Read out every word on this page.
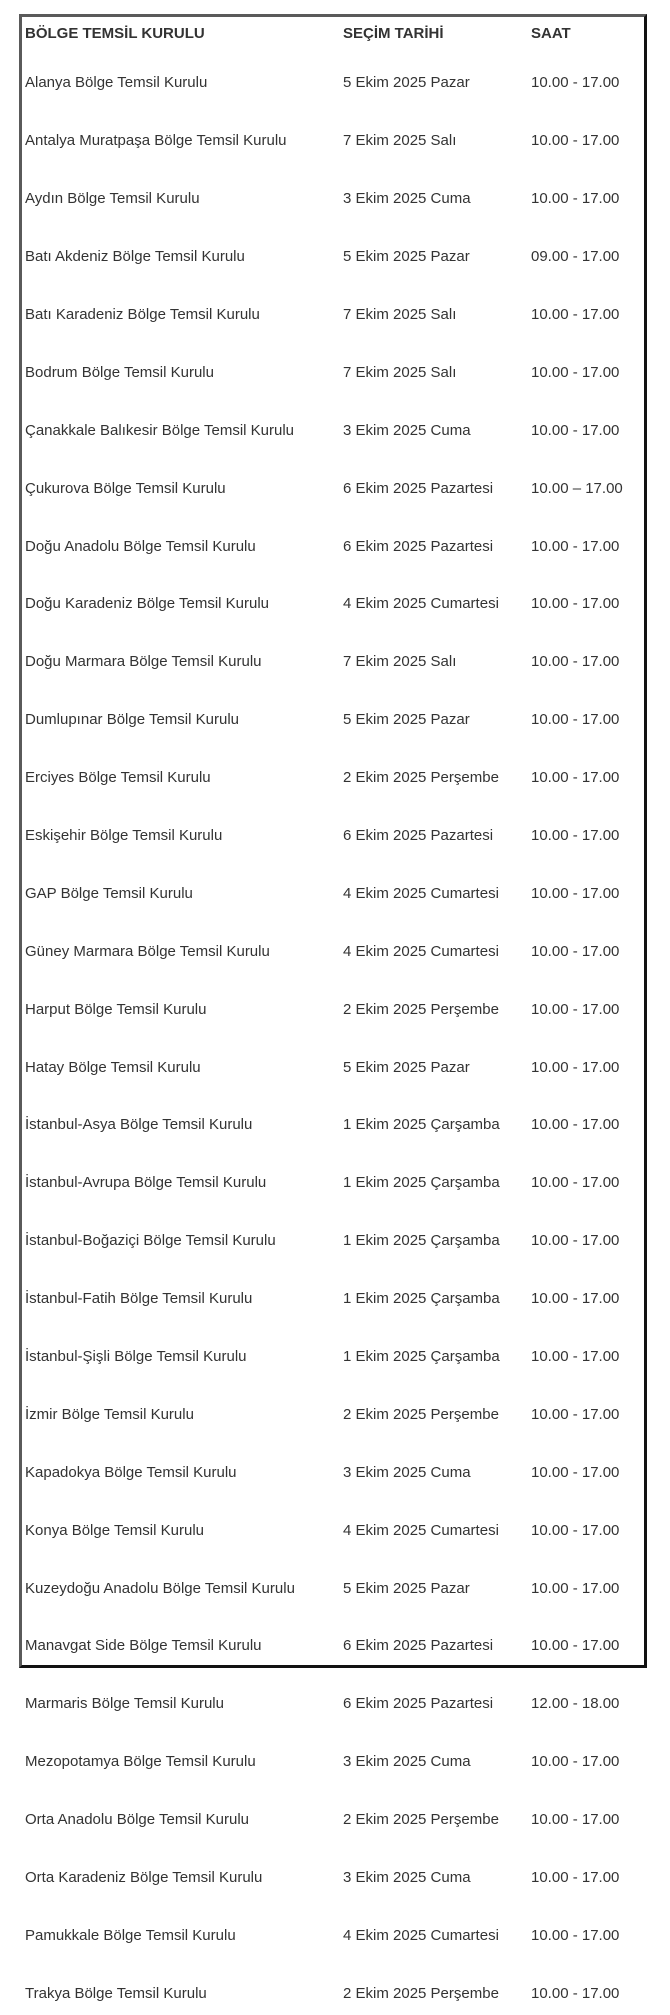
BÖLGE TEMSİL KURULU	SEÇİM TARİHİ	SAAT
Alanya Bölge Temsil Kurulu	5 Ekim 2025 Pazar	10.00 - 17.00
Antalya Muratpaşa Bölge Temsil Kurulu	7 Ekim 2025 Salı	10.00 - 17.00
Aydın Bölge Temsil Kurulu	3 Ekim 2025 Cuma	10.00 - 17.00
Batı Akdeniz Bölge Temsil Kurulu	5 Ekim 2025 Pazar	09.00 - 17.00
Batı Karadeniz Bölge Temsil Kurulu	7 Ekim 2025 Salı	10.00 - 17.00
Bodrum Bölge Temsil Kurulu	7 Ekim 2025 Salı	10.00 - 17.00
Çanakkale Balıkesir Bölge Temsil Kurulu	3 Ekim 2025 Cuma	10.00 - 17.00
Çukurova Bölge Temsil Kurulu	6 Ekim 2025 Pazartesi	10.00 – 17.00
Doğu Anadolu Bölge Temsil Kurulu	6 Ekim 2025 Pazartesi	10.00 - 17.00
Doğu Karadeniz Bölge Temsil Kurulu	4 Ekim 2025 Cumartesi	10.00 - 17.00
Doğu Marmara Bölge Temsil Kurulu	7 Ekim 2025 Salı	10.00 - 17.00
Dumlupınar Bölge Temsil Kurulu	5 Ekim 2025 Pazar	10.00 - 17.00
Erciyes Bölge Temsil Kurulu	2 Ekim 2025 Perşembe	10.00 - 17.00
Eskişehir Bölge Temsil Kurulu	6 Ekim 2025 Pazartesi	10.00 - 17.00
GAP Bölge Temsil Kurulu	4 Ekim 2025 Cumartesi	10.00 - 17.00
Güney Marmara Bölge Temsil Kurulu	4 Ekim 2025 Cumartesi	10.00 - 17.00
Harput Bölge Temsil Kurulu	2 Ekim 2025 Perşembe	10.00 - 17.00
Hatay Bölge Temsil Kurulu	5 Ekim 2025 Pazar	10.00 - 17.00
İstanbul-Asya Bölge Temsil Kurulu	1 Ekim 2025 Çarşamba	10.00 - 17.00
İstanbul-Avrupa Bölge Temsil Kurulu	1 Ekim 2025 Çarşamba	10.00 - 17.00
İstanbul-Boğaziçi Bölge Temsil Kurulu	1 Ekim 2025 Çarşamba	10.00 - 17.00
İstanbul-Fatih Bölge Temsil Kurulu	1 Ekim 2025 Çarşamba	10.00 - 17.00
İstanbul-Şişli Bölge Temsil Kurulu	1 Ekim 2025 Çarşamba	10.00 - 17.00
İzmir Bölge Temsil Kurulu	2 Ekim 2025 Perşembe	10.00 - 17.00
Kapadokya Bölge Temsil Kurulu	3 Ekim 2025 Cuma	10.00 - 17.00
Konya Bölge Temsil Kurulu	4 Ekim 2025 Cumartesi	10.00 - 17.00
Kuzeydoğu Anadolu Bölge Temsil Kurulu	5 Ekim 2025 Pazar	10.00 - 17.00
Manavgat Side Bölge Temsil Kurulu	6 Ekim 2025 Pazartesi	10.00 - 17.00
Marmaris Bölge Temsil Kurulu	6 Ekim 2025 Pazartesi	12.00 - 18.00
Mezopotamya Bölge Temsil Kurulu	3 Ekim 2025 Cuma	10.00 - 17.00
Orta Anadolu Bölge Temsil Kurulu	2 Ekim 2025 Perşembe	10.00 - 17.00
Orta Karadeniz Bölge Temsil Kurulu	3 Ekim 2025 Cuma	10.00 - 17.00
Pamukkale Bölge Temsil Kurulu	4 Ekim 2025 Cumartesi	10.00 - 17.00
Trakya Bölge Temsil Kurulu	2 Ekim 2025 Perşembe	10.00 - 17.00
